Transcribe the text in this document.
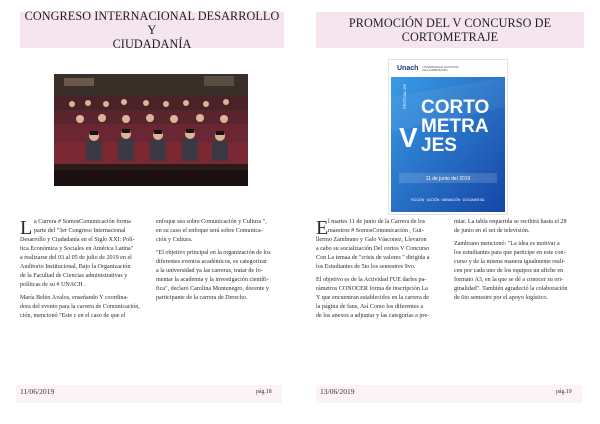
CONGRESO INTERNACIONAL DESARROLLO Y
CIUDADANÍA
L a Carrera # SomosComunicación forma
parte del "3er Congreso Internacional
Desarrollo y Ciudadanía en el Siglo XXI: Polí-
tica Económica y Sociales en América Latina"
a realizarse del 03 al 05 de julio de 2019 en el
Auditorio Institucional, Bajo la Organización
de la Facultad de Ciencias administrativas y
políticas de su # UNACH .
María Belén Ávalos, enseñando Y coordina-
dora del evento para la carrera de Comunicación,
ción, mencionó "Este c en el caso de que el
enfoque sea sobre Comunicación y Cultura ",
en su caso el enfoque será sobre Comunica-
ción y Cultura.
"El objetivo principal en la organización de los
diferentes eventos académicos, es categorizar
a la universidad ya las carreras, tratar de fo-
mentar la academia y la investigación científi-
fica", declaró Carolina Montenegro, docente y
participante de la carrera de Derecho.
11/06/2019	pág.18
PROMOCIÓN DEL V CONCURSO DE
CORTOMETRAJE
Unach UNIVERSIDAD NACIONAL DE CHIMBORAZO
FESTIVAL DE CORTO
METRA
JES
V
11 de junio del 2019
FICCIÓN · ACCIÓN · ANIMACIÓN · DOCUMENTAL
E l martes 11 de junio de la Carrera de los
maestros # SomosComunicación , Gui-
llermo Zambrano y Galo Vásconez, Llevaron
a cabo su socialización Del cortos V Concurso
Con La temaa de "crisis de valores " dirigida a
los Estudiantes de 5to los semestres 9vo.
El objetivo es de la Actividad FUE darles pa-
rámetros CONOCER forma de inscripción La
Y que encuentran establecidos en la carrera de
la página de fans, Así Como los diferentes a
de los anexos a adjuntar y las categorías a pre-
miar. La tabla requerida se recibirá hasta el 28
de junio en el set de televisión.
Zambrano mencionó: "La idea es motivar a
los estudiantes para que participe en este con-
curso y de la misma manera igualmente reali-
cen por cada uno de los equipos un afiche en
formato A3, en la que se dé a conocer su ori-
ginalidad". También agradeció la colaboración
de 6to semestre por el apoyo logístico.
13/06/2019	pág.19
